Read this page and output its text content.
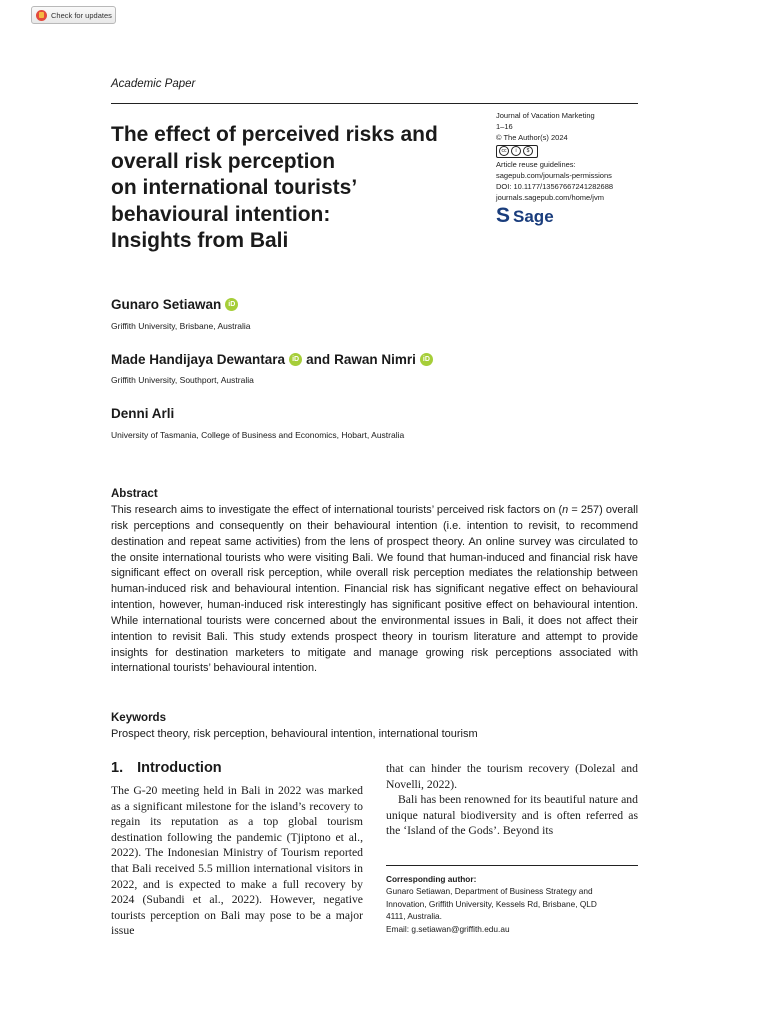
Check for updates
Academic Paper
The effect of perceived risks and
overall risk perception
on international tourists’
behavioural intention:
Insights from Bali
Journal of Vacation Marketing
1–16
© The Author(s) 2024
cc	i	$
Article reuse guidelines:
sagepub.com/journals-permissions
DOI: 10.1177/13567667241282688
journals.sagepub.com/home/jvm
S Sage
Gunaro Setiawan	iD
Griffith University, Brisbane, Australia
Made Handijaya Dewantara	iD and Rawan Nimri	iD
Griffith University, Southport, Australia
Denni Arli
University of Tasmania, College of Business and Economics, Hobart, Australia
Abstract

This research aims to investigate the effect of international tourists’ perceived risk factors on (n = 257) overall risk perceptions and consequently on their behavioural intention (i.e. intention to revisit, to recommend destination and repeat same activities) from the lens of prospect theory. An online survey was circulated to the onsite international tourists who were visiting Bali. We found that human-induced and financial risk have significant effect on overall risk perception, while overall risk perception mediates the relationship between human-induced risk and behavioural intention. Financial risk has significant negative effect on behavioural intention, however, human-induced risk interestingly has significant positive effect on behavioural intention. While international tourists were concerned about the environmental issues in Bali, it does not affect their intention to revisit Bali. This study extends prospect theory in tourism literature and attempt to provide insights for destination marketers to mitigate and manage growing risk perceptions associated with international tourists’ behavioural intention.

Keywords
Prospect theory, risk perception, behavioural intention, international tourism
1. Introduction

The G-20 meeting held in Bali in 2022 was marked as a significant milestone for the island’s recovery to regain its reputation as a top global tourism destination following the pandemic (Tjiptono et al., 2022). The Indonesian Ministry of Tourism reported that Bali received 5.5 million international visitors in 2022, and is expected to make a full recovery by 2024 (Subandi et al., 2022). However, negative tourists perception on Bali may pose to be a major issue

that can hinder the tourism recovery (Dolezal and Novelli, 2022).

Bali has been renowned for its beautiful nature and unique natural biodiversity and is often referred as the ‘Island of the Gods’. Beyond its

Corresponding author:
Gunaro Setiawan, Department of Business Strategy and
Innovation, Griffith University, Kessels Rd, Brisbane, QLD
4111, Australia.
Email: g.setiawan@griffith.edu.au
